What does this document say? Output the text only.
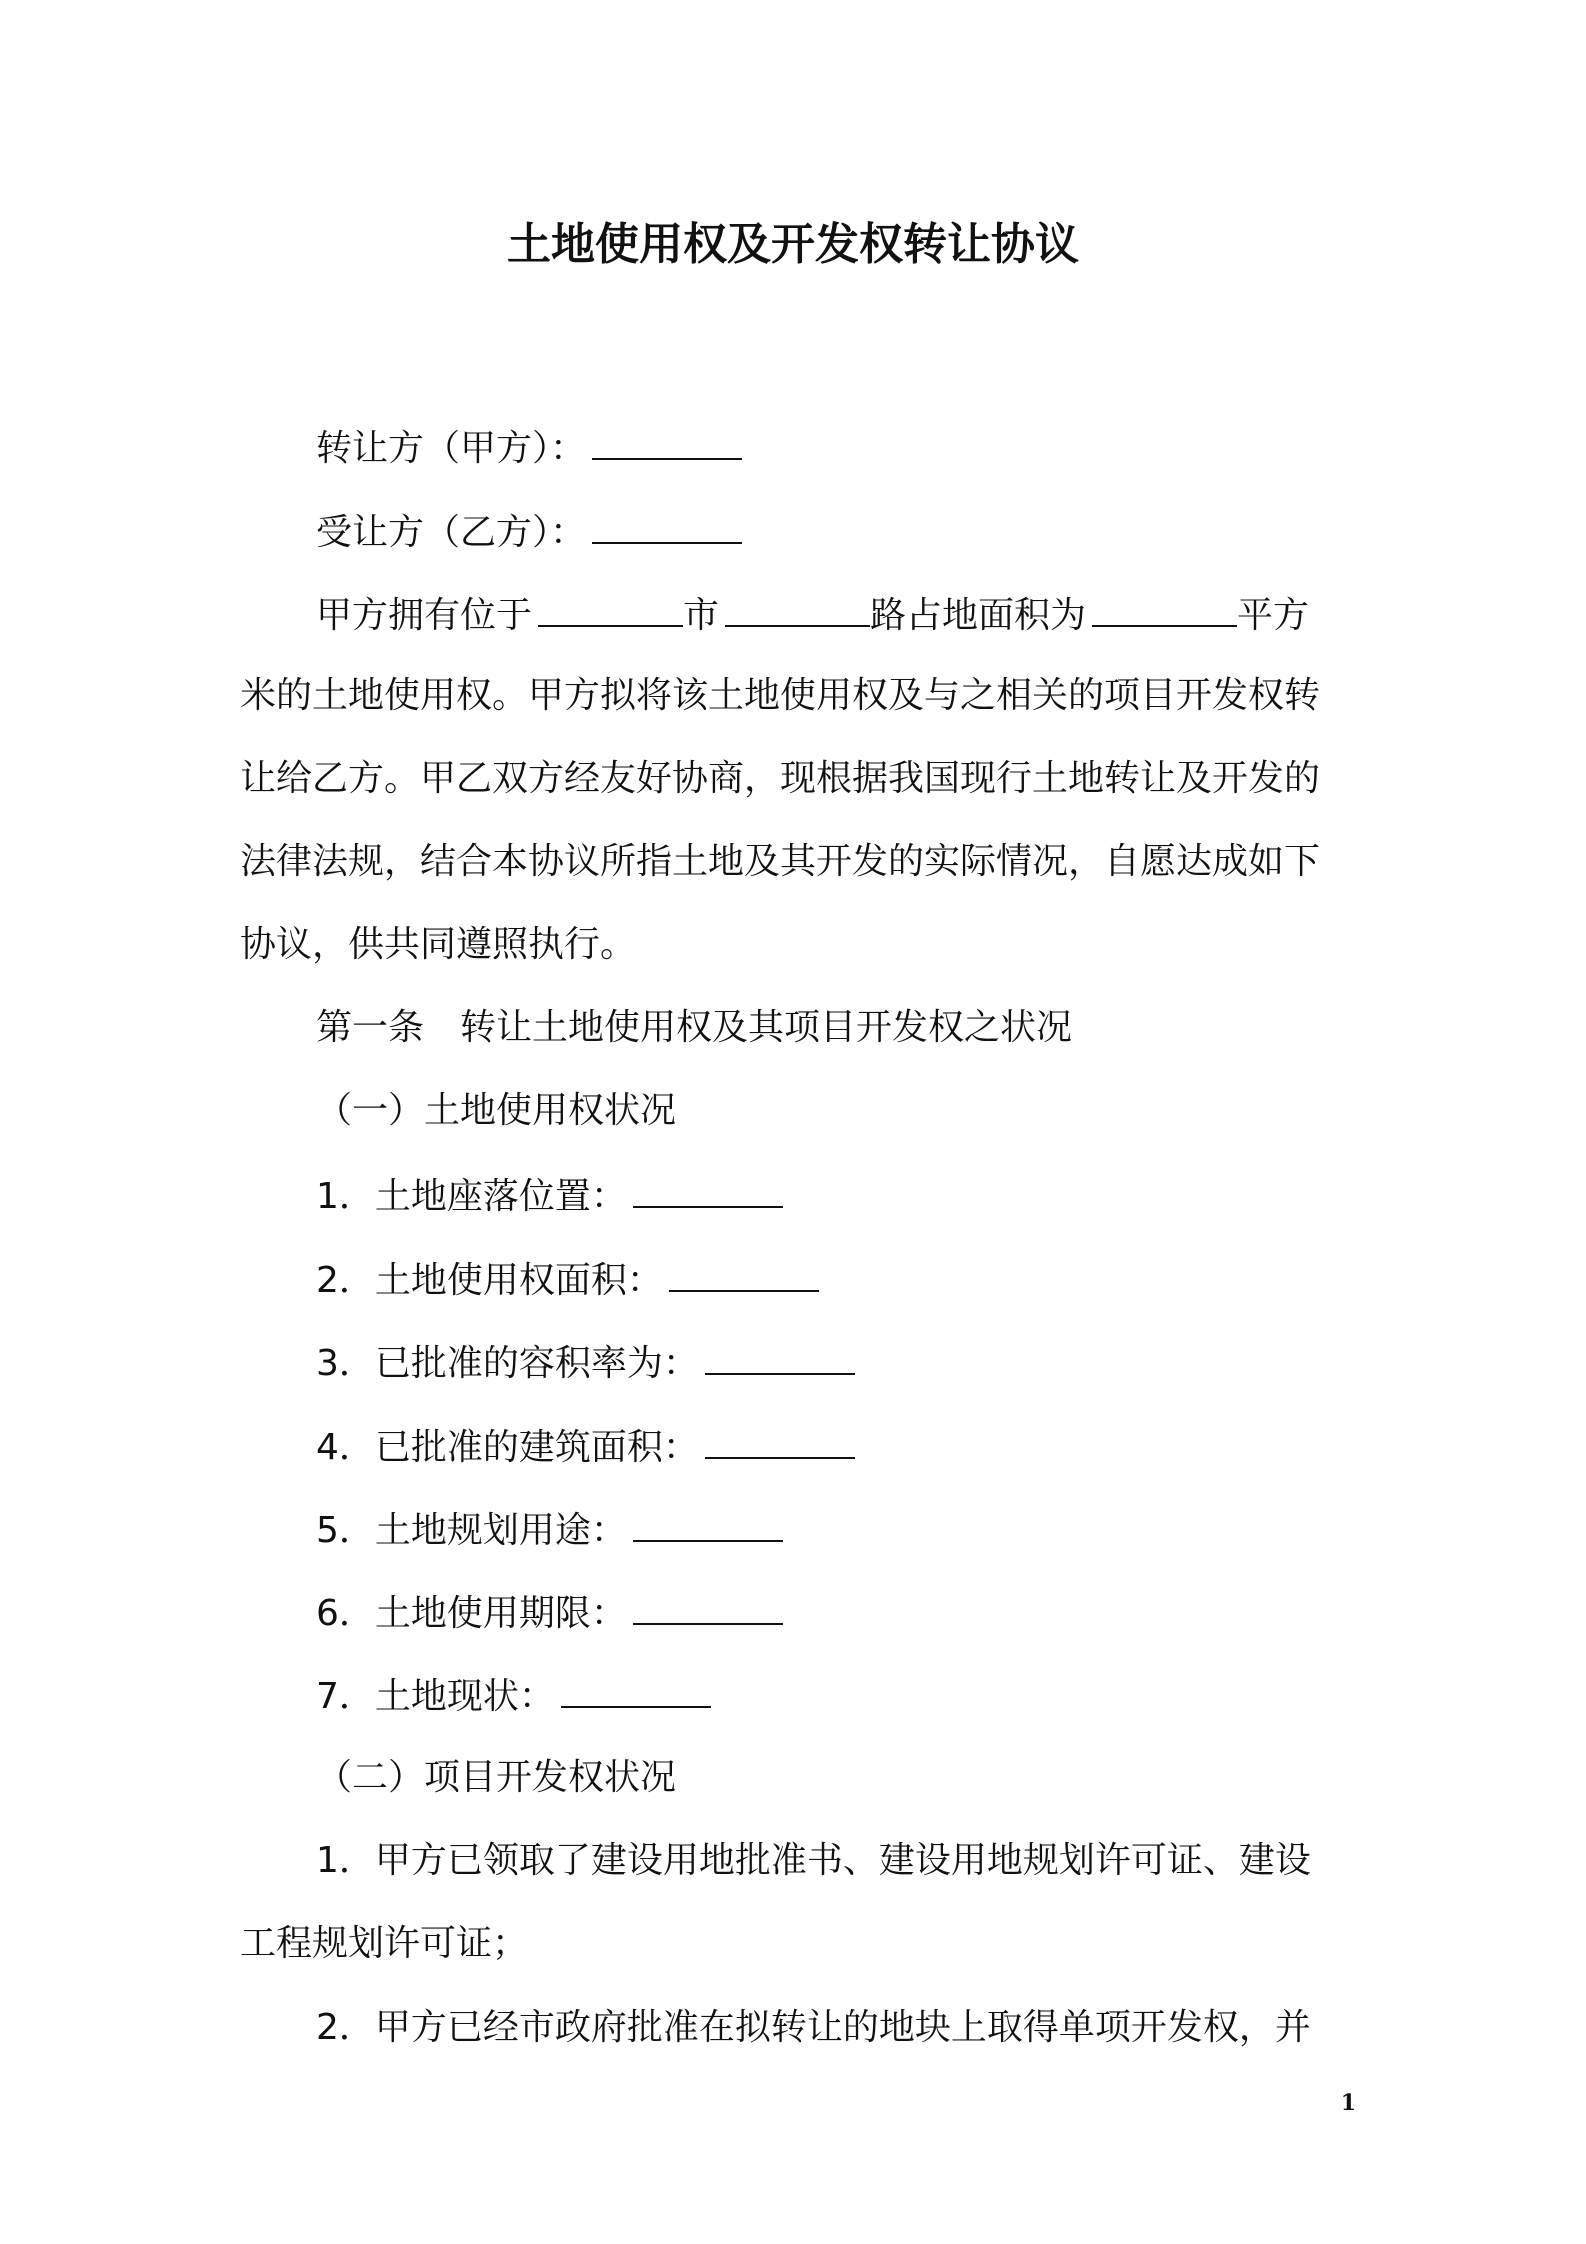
土地使用权及开发权转让协议
转让方（甲方）：
受让方（乙方）：
甲方拥有位于	市	路占地面积为	平方
米的土地使用权。甲方拟将该土地使用权及与之相关的项目开发权转
让给乙方。甲乙双方经友好协商，现根据我国现行土地转让及开发的
法律法规，结合本协议所指土地及其开发的实际情况，自愿达成如下
协议，供共同遵照执行。
第一条　转让土地使用权及其项目开发权之状况
（一）土地使用权状况
1．土地座落位置：
2．土地使用权面积：
3．已批准的容积率为：
4．已批准的建筑面积：
5．土地规划用途：
6．土地使用期限：
7．土地现状：
（二）项目开发权状况
1．甲方已领取了建设用地批准书、建设用地规划许可证、建设
工程规划许可证；
2．甲方已经市政府批准在拟转让的地块上取得单项开发权，并
1
